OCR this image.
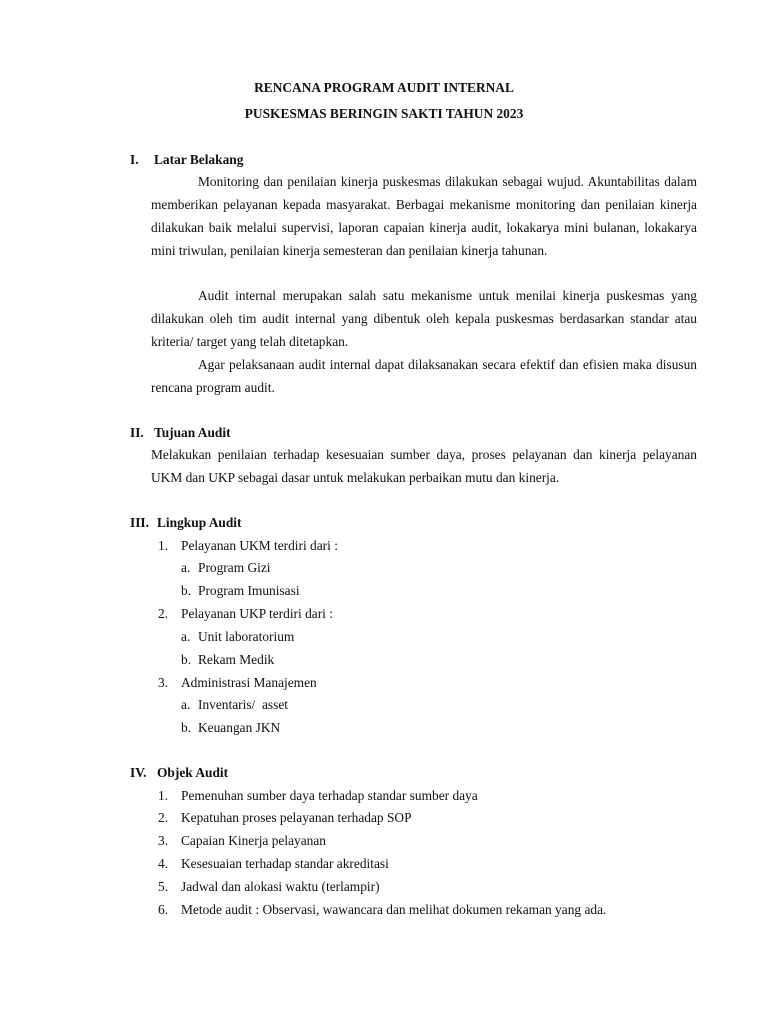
RENCANA PROGRAM AUDIT INTERNAL
PUSKESMAS BERINGIN SAKTI TAHUN 2023
I. Latar Belakang

Monitoring dan penilaian kinerja puskesmas dilakukan sebagai wujud. Akuntabilitas dalam memberikan pelayanan kepada masyarakat. Berbagai mekanisme monitoring dan penilaian kinerja dilakukan baik melalui supervisi, laporan capaian kinerja audit, lokakarya mini bulanan, lokakarya mini triwulan, penilaian kinerja semesteran dan penilaian kinerja tahunan.

Audit internal merupakan salah satu mekanisme untuk menilai kinerja puskesmas yang dilakukan oleh tim audit internal yang dibentuk oleh kepala puskesmas berdasarkan standar atau kriteria/ target yang telah ditetapkan.

Agar pelaksanaan audit internal dapat dilaksanakan secara efektif dan efisien maka disusun rencana program audit.

II. Tujuan Audit

Melakukan penilaian terhadap kesesuaian sumber daya, proses pelayanan dan kinerja pelayanan UKM dan UKP sebagai dasar untuk melakukan perbaikan mutu dan kinerja.

III. Lingkup Audit
1. Pelayanan UKM terdiri dari :
a. Program Gizi
b. Program Imunisasi
2. Pelayanan UKP terdiri dari :
a. Unit laboratorium
b. Rekam Medik
3. Administrasi Manajemen
a. Inventaris/  asset
b. Keuangan JKN
IV. Objek Audit
1. Pemenuhan sumber daya terhadap standar sumber daya
2. Kepatuhan proses pelayanan terhadap SOP
3. Capaian Kinerja pelayanan
4. Kesesuaian terhadap standar akreditasi
5. Jadwal dan alokasi waktu (terlampir)
6. Metode audit : Observasi, wawancara dan melihat dokumen rekaman yang ada.
